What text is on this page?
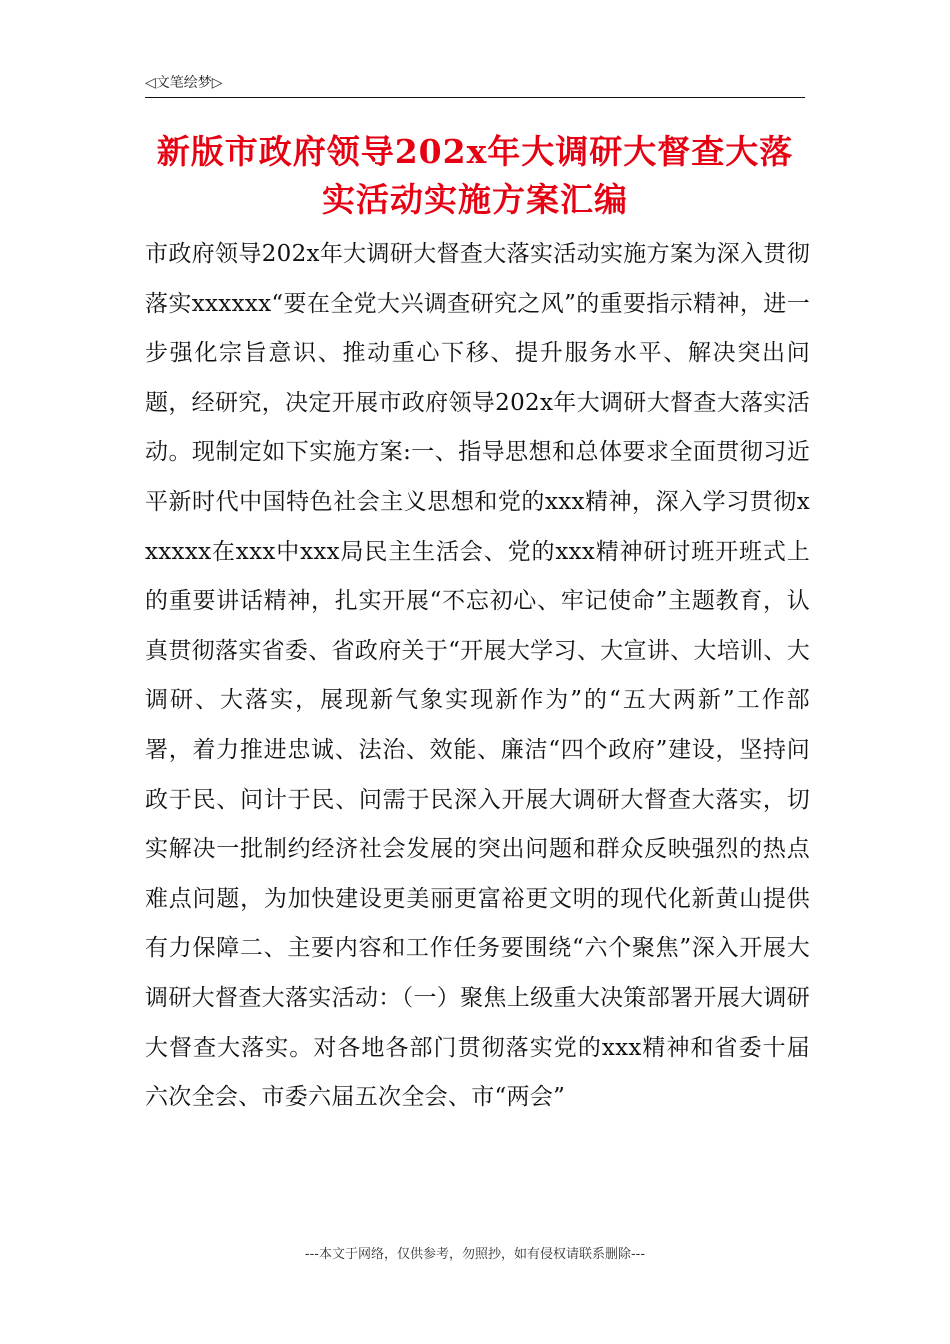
◁文笔绘梦▷
新版市政府领导202x年大调研大督查大落实活动实施方案汇编

市政府领导202x年大调研大督查大落实活动实施方案为深入贯彻落实xxxxxx“要在全党大兴调查研究之风”的重要指示精神，进一步强化宗旨意识、推动重心下移、提升服务水平、解决突出问题，经研究，决定开展市政府领导202x年大调研大督查大落实活动。现制定如下实施方案:一、指导思想和总体要求全面贯彻习近平新时代中国特色社会主义思想和党的xxx精神，深入学习贯彻xxxxxx在xxx中xxx局民主生活会、党的xxx精神研讨班开班式上的重要讲话精神，扎实开展“不忘初心、牢记使命”主题教育，认真贯彻落实省委、省政府关于“开展大学习、大宣讲、大培训、大调研、大落实，展现新气象实现新作为”的“五大两新”工作部署，着力推进忠诚、法治、效能、廉洁“四个政府”建设，坚持问政于民、问计于民、问需于民深入开展大调研大督查大落实，切实解决一批制约经济社会发展的突出问题和群众反映强烈的热点难点问题，为加快建设更美丽更富裕更文明的现代化新黄山提供有力保障二、主要内容和工作任务要围绕“六个聚焦”深入开展大调研大督查大落实活动：（一）聚焦上级重大决策部署开展大调研大督查大落实。对各地各部门贯彻落实党的xxx精神和省委十届六次全会、市委六届五次全会、市“两会”

---本文于网络，仅供参考，勿照抄，如有侵权请联系删除---
